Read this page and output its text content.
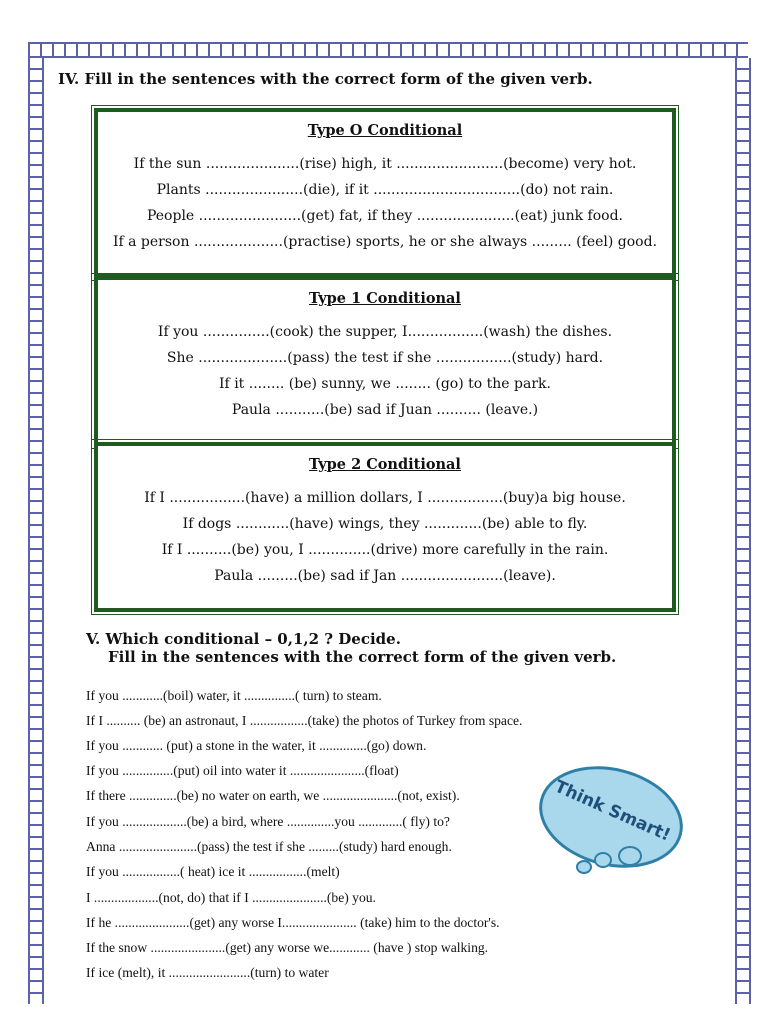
IV. Fill in the sentences with the correct form of the given verb.
Type O Conditional
If the sun .....................(rise) high, it ........................(become) very hot.
Plants ......................(die), if it .................................(do) not rain.
People .......................(get) fat, if they ......................(eat) junk food.
If a person ....................(practise) sports, he or she always ......... (feel) good.
Type 1 Conditional
If you ...............(cook) the supper, I.................(wash) the dishes.
She ....................(pass) the test if she .................(study) hard.
If it ........ (be) sunny, we ........ (go) to the park.
Paula ...........(be) sad if Juan .......... (leave.)
Type 2 Conditional
If I .................(have) a million dollars, I .................(buy)a big house.
If dogs ............(have) wings, they .............(be) able to fly.
If I ..........(be) you, I ..............(drive) more carefully in the rain.
Paula .........(be) sad if Jan .......................(leave).
V. Which conditional – 0,1,2 ? Decide.
Fill in the sentences with the correct form of the given verb.
If you ............(boil) water, it ...............( turn) to steam.
If I .......... (be) an astronaut, I .................(take) the photos of Turkey from space.
If you ............ (put) a stone in the water, it ..............(go) down.
If you ...............(put) oil into water it ......................(float)
If there ..............(be) no water on earth, we ......................(not, exist).
If you ...................(be) a bird, where ..............you .............( fly) to?
Anna .......................(pass) the test if she .........(study) hard enough.
If you .................( heat) ice it .................(melt)
I ...................(not, do) that if I ......................(be) you.
If he ......................(get) any worse I...................... (take) him to the doctor's.
If the snow ......................(get) any worse we............ (have ) stop walking.
If ice (melt), it ........................(turn) to water
Think Smart!
